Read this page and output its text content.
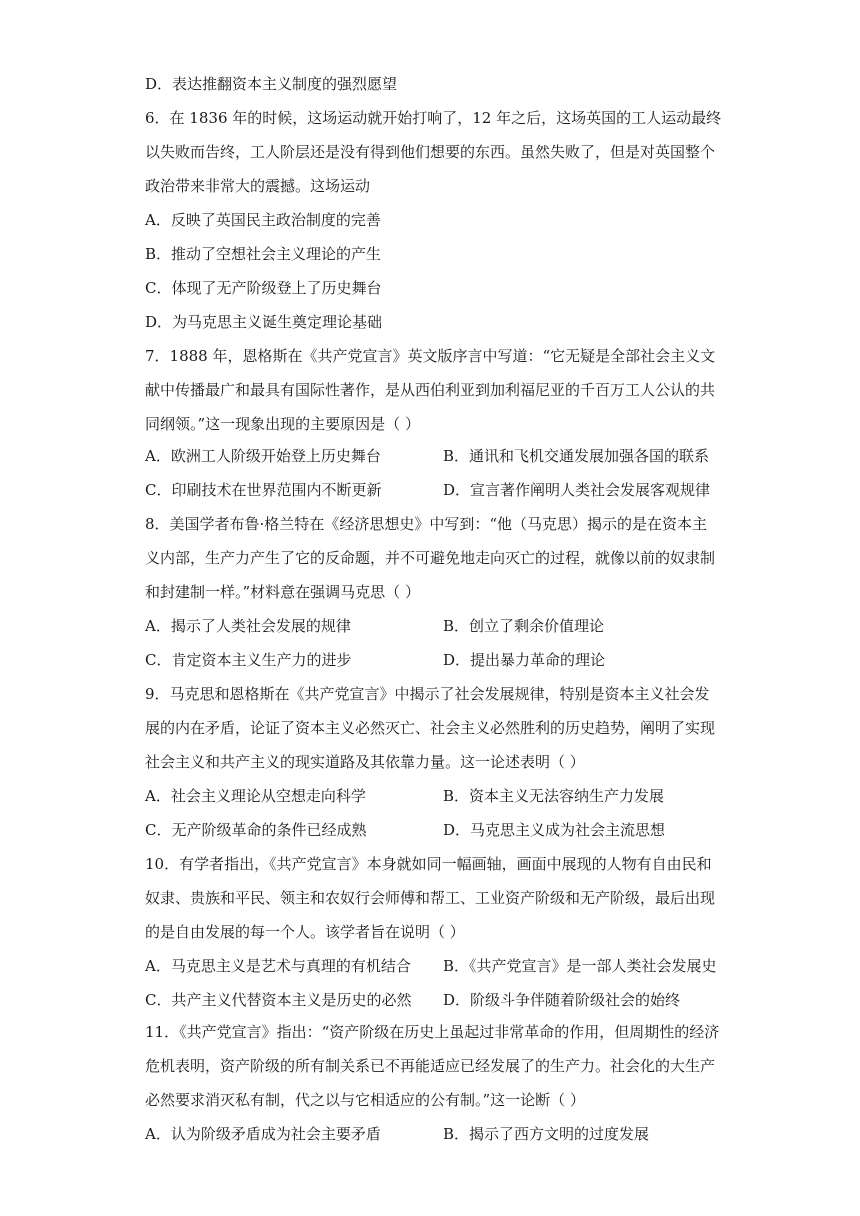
D．表达推翻资本主义制度的强烈愿望
6．在 1836 年的时候，这场运动就开始打响了，12 年之后，这场英国的工人运动最终
以失败而告终，工人阶层还是没有得到他们想要的东西。虽然失败了，但是对英国整个
政治带来非常大的震撼。这场运动
A．反映了英国民主政治制度的完善
B．推动了空想社会主义理论的产生
C．体现了无产阶级登上了历史舞台
D．为马克思主义诞生奠定理论基础
7．1888 年，恩格斯在《共产党宣言》英文版序言中写道：“它无疑是全部社会主义文
献中传播最广和最具有国际性著作，是从西伯利亚到加利福尼亚的千百万工人公认的共
同纲领。”这一现象出现的主要原因是（ ）
A．欧洲工人阶级开始登上历史舞台	B．通讯和飞机交通发展加强各国的联系
C．印刷技术在世界范围内不断更新	D．宣言著作阐明人类社会发展客观规律
8．美国学者布鲁·格兰特在《经济思想史》中写到：“他（马克思）揭示的是在资本主
义内部，生产力产生了它的反命题，并不可避免地走向灭亡的过程，就像以前的奴隶制
和封建制一样。”材料意在强调马克思（ ）
A．揭示了人类社会发展的规律	B．创立了剩余价值理论
C．肯定资本主义生产力的进步	D．提出暴力革命的理论
9．马克思和恩格斯在《共产党宣言》中揭示了社会发展规律，特别是资本主义社会发
展的内在矛盾，论证了资本主义必然灭亡、社会主义必然胜利的历史趋势，阐明了实现
社会主义和共产主义的现实道路及其依靠力量。这一论述表明（ ）
A．社会主义理论从空想走向科学	B．资本主义无法容纳生产力发展
C．无产阶级革命的条件已经成熟	D．马克思主义成为社会主流思想
10．有学者指出，《共产党宣言》本身就如同一幅画轴，画面中展现的人物有自由民和
奴隶、贵族和平民、领主和农奴行会师傅和帮工、工业资产阶级和无产阶级，最后出现
的是自由发展的每一个人。该学者旨在说明（ ）
A．马克思主义是艺术与真理的有机结合 B．《共产党宣言》是一部人类社会发展史
C．共产主义代替资本主义是历史的必然 D．阶级斗争伴随着阶级社会的始终
11．《共产党宣言》指出：“资产阶级在历史上虽起过非常革命的作用，但周期性的经济
危机表明，资产阶级的所有制关系已不再能适应已经发展了的生产力。社会化的大生产
必然要求消灭私有制，代之以与它相适应的公有制。”这一论断（ ）
A．认为阶级矛盾成为社会主要矛盾	B．揭示了西方文明的过度发展
